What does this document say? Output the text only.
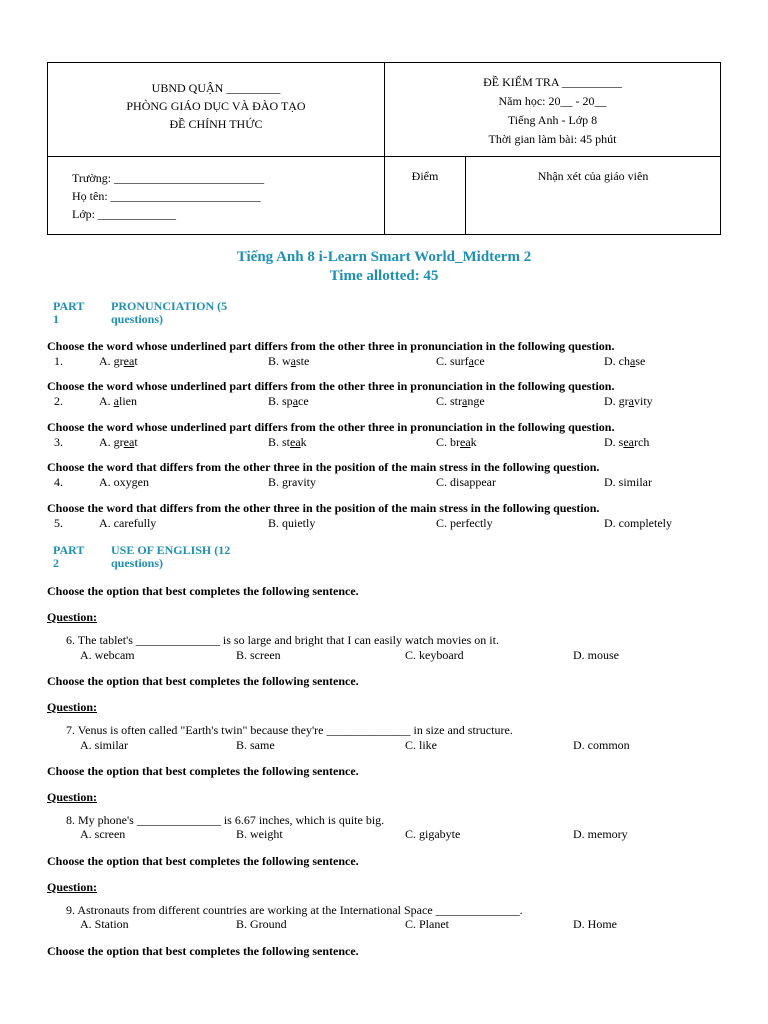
UBND QUẬN _________
PHÒNG GIÁO DỤC VÀ ĐÀO TẠO
ĐỀ CHÍNH THỨC
ĐỀ KIỂM TRA __________
Năm học: 20__ - 20__
Tiếng Anh - Lớp 8
Thời gian làm bài: 45 phút
Trường: _________________________
Họ tên: _________________________
Lớp: _____________
Điểm	Nhận xét của giáo viên
Tiếng Anh 8 i-Learn Smart World_Midterm 2
Time allotted: 45
PART
1
PRONUNCIATION (5
questions)
Choose the word whose underlined part differs from the other three in pronunciation in the following question.
1.	A. great	B. waste	C. surface	D. chase
Choose the word whose underlined part differs from the other three in pronunciation in the following question.
2.	A. alien	B. space	C. strange	D. gravity
Choose the word whose underlined part differs from the other three in pronunciation in the following question.
3.	A. great	B. steak	C. break	D. search
Choose the word that differs from the other three in the position of the main stress in the following question.
4.	A. oxygen	B. gravity	C. disappear	D. similar
Choose the word that differs from the other three in the position of the main stress in the following question.
5.	A. carefully	B. quietly	C. perfectly	D. completely
PART
2
USE OF ENGLISH (12
questions)
Choose the option that best completes the following sentence.
Question:
6. The tablet's ______________ is so large and bright that I can easily watch movies on it.
A. webcam	B. screen	C. keyboard	D. mouse
Choose the option that best completes the following sentence.
Question:
7. Venus is often called "Earth's twin" because they're ______________ in size and structure.
A. similar	B. same	C. like	D. common
Choose the option that best completes the following sentence.
Question:
8. My phone's ______________ is 6.67 inches, which is quite big.
A. screen	B. weight	C. gigabyte	D. memory
Choose the option that best completes the following sentence.
Question:
9. Astronauts from different countries are working at the International Space ______________.
A. Station	B. Ground	C. Planet	D. Home
Choose the option that best completes the following sentence.
